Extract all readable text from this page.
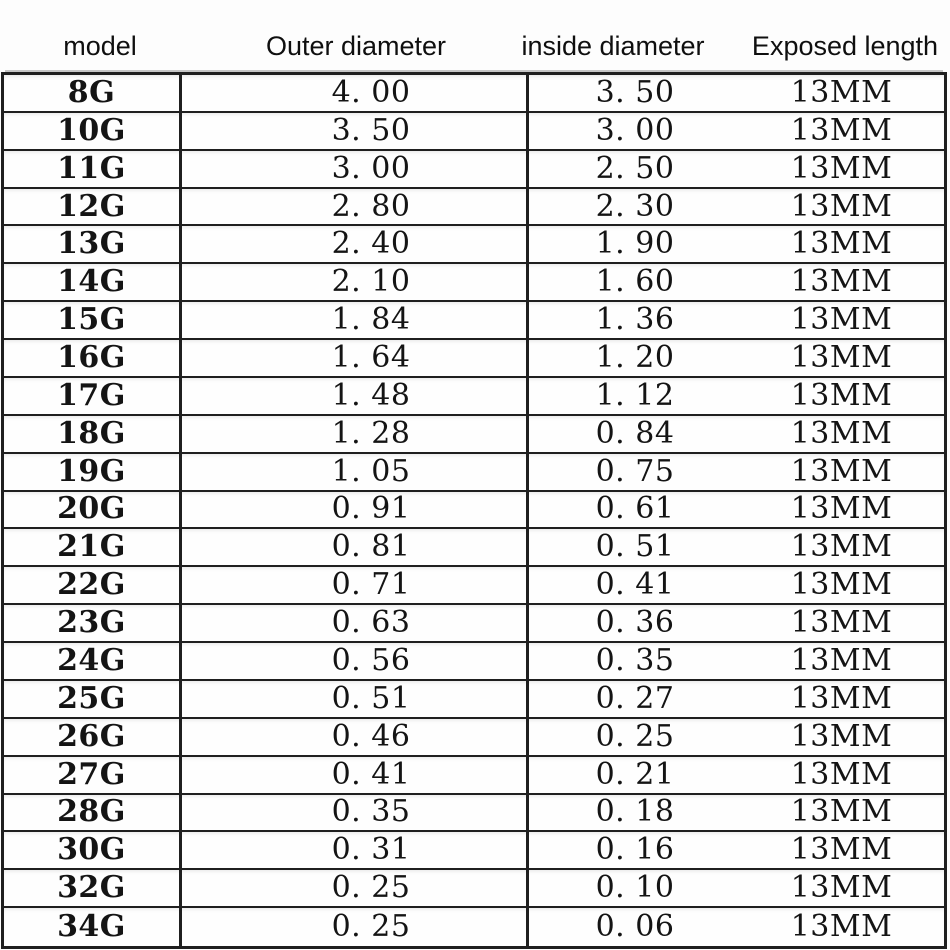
model	Outer diameter	inside diameter Exposed length
8G	4. 00	3. 50	13MM
10G	3. 50	3. 00	13MM
11G	3. 00	2. 50	13MM
12G	2. 80	2. 30	13MM
13G	2. 40	1. 90	13MM
14G	2. 10	1. 60	13MM
15G	1. 84	1. 36	13MM
16G	1. 64	1. 20	13MM
17G	1. 48	1. 12	13MM
18G	1. 28	0. 84	13MM
19G	1. 05	0. 75	13MM
20G	0. 91	0. 61	13MM
21G	0. 81	0. 51	13MM
22G	0. 71	0. 41	13MM
23G	0. 63	0. 36	13MM
24G	0. 56	0. 35	13MM
25G	0. 51	0. 27	13MM
26G	0. 46	0. 25	13MM
27G	0. 41	0. 21	13MM
28G	0. 35	0. 18	13MM
30G	0. 31	0. 16	13MM
32G	0. 25	0. 10	13MM
34G	0. 25	0. 06	13MM
